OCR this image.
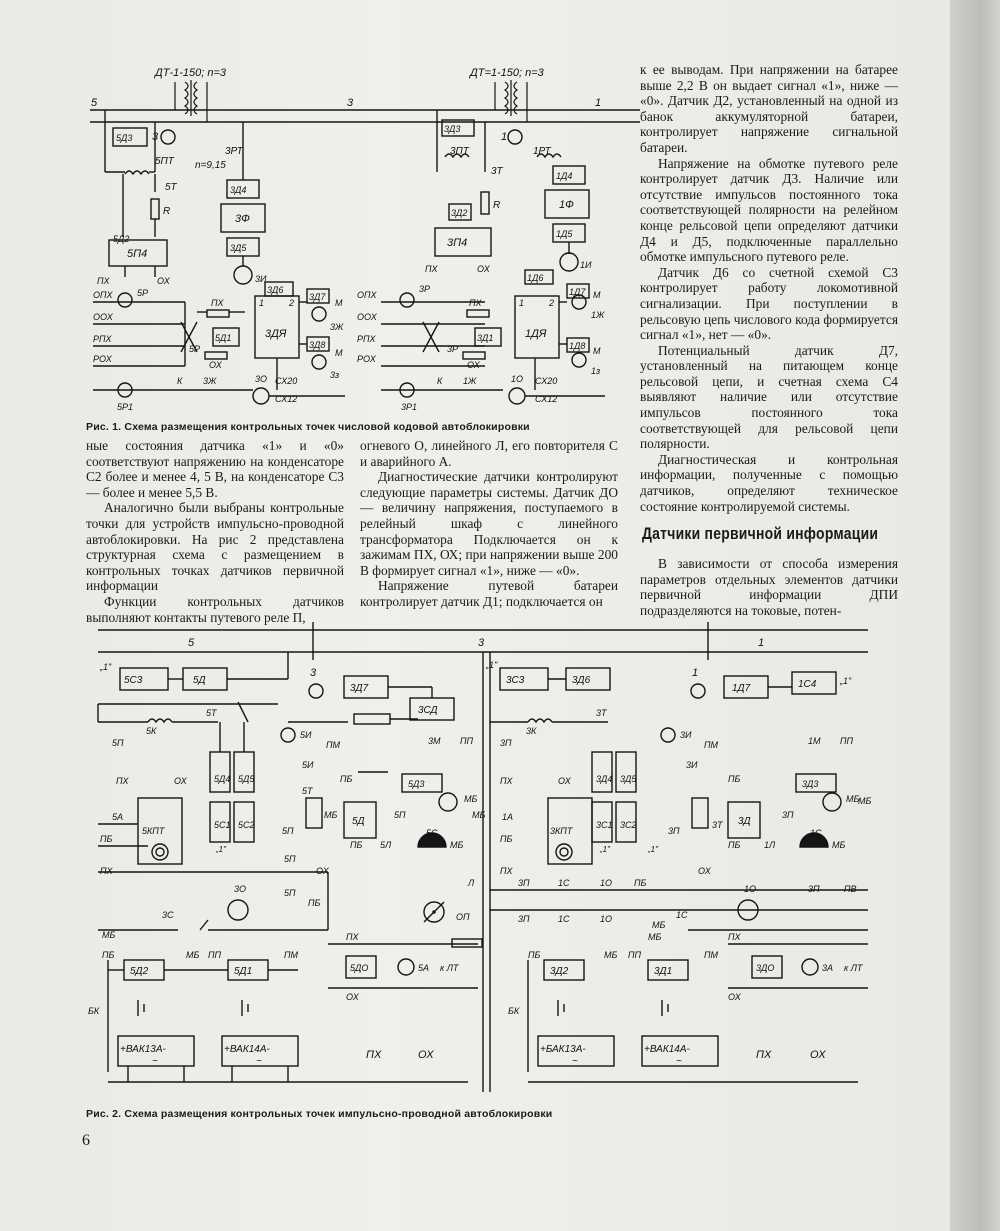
ДТ-1-150; n=3	ДТ=1-150; n=3
5	3	1
5Д3
3Д3
3	1
5ПТ
3РТ
n=9,15
3ПТ	1РТ
5Т
3Т
R
R
3Д4
1Д4
3Ф
1Ф
5Д2
3Д2
3Д5
1Д5
5П4
3П4
3И
1И
ПХ	ОХ
ПХ	ОХ
5Р	3Р
3Д6
1Д6
3Д7	1Д7
М
М
М
М
ОПХ
ООХ
РПХ
РОХ
ОПХ
ООХ
РПХ
РОХ
5Д1	3Д1
3ДЯ	1ДЯ
3Ж
1Ж
3Д8	1Д8
3з	1з
К	К
3Ж	1Ж
3О	1О
СХ20
СХ12
СХ20
СХ12
5Р1	3Р1
1	2	1	2
5Р	3Р
ПХ
ОХ
ПХ
ОХ
Рис. 1. Схема размещения контрольных точек числовой кодовой автоблокировки

ные состояния датчика «1» и «0» соответствуют напряжению на конденсаторе С2 более и менее 4, 5 В, на конденсаторе С3 — более и менее 5,5 В.

Аналогично были выбраны контрольные точки для устройств импульсно-проводной автоблокировки. На рис 2 представлена структурная схема с размещением в контрольных точках датчиков первичной информации

Функции контрольных датчиков выполняют контакты путевого реле П,

огневого О, линейного Л, его повторителя С и аварийного А.

Диагностические датчики контролируют следующие параметры системы. Датчик ДО — величину напряжения, поступаемого в релейный шкаф с линейного трансформатора Подключается он к зажимам ПХ, ОХ; при напряжении выше 200 В формирует сигнал «1», ниже — «0».

Напряжение путевой батареи контролирует датчик Д1; подключается он

к ее выводам. При напряжении на батарее выше 2,2 В он выдает сигнал «1», ниже — «0». Датчик Д2, установленный на одной из банок аккумуляторной батареи, контролирует напряжение сигнальной батареи.

Напряжение на обмотке путевого реле контролирует датчик Д3. Наличие или отсутствие импульсов постоянного тока соответствующей полярности на релейном конце рельсовой цепи определяют датчики Д4 и Д5, подключенные параллельно обмотке импульсного путевого реле.

Датчик Д6 со счетной схемой С3 контролирует работу локомотивной сигнализации. При поступлении в рельсовую цепь числового кода формируется сигнал «1», нет — «0».

Потенциальный датчик Д7, установленный на питающем конце рельсовой цепи, и счетная схема С4 выявляют наличие или отсутствие импульсов постоянного тока соответствующей для рельсовой цепи полярности.

Диагностическая и контрольная информации, полученные с помощью датчиков, определяют техническое состояние контролируемой системы.

Датчики первичной информации

В зависимости от способа измерения параметров отдельных элементов датчики первичной информации ДПИ подразделяются на токовые, потен-

5	3	1
5С3	5Д	3С3	3Д6
„1"	„1"
„1"
„1"	„1"	„1"
3
3Д7
1
1Д7	1С4
3СД
5Т	3Т
5К	3К
5П	3П
5И	3И
ПМ	ПМ
3М	1М
ПП	ПП
5Д4 5Д5	3Д4 3Д5
ПХ	ОХ	ПХ	ОХ
5И
ПБ
3И
ПБ
5Д3	3Д3
5Т
МБ	МБ
5А	1А
5КПТ	3КПТ
5С1 5С2	3С1 3С2
5П	3П
МБ
3Т
5Д	3Д
5П	3П
МБ
МБ
ПБ
ПБ
ПБ
ПБ
5Л	1Л
5С	1С
МБ	МБ
ПХ	ПХ
ОХ	ОХ
5П
Л	3П	1С	1О ПБ
3О	1О
5П
ПБ
3П	ПВ
3С
МБ
ОП	3П	1С	1О
МБ
1С
МБ
ПХ
ОХ
5ДО	5А к ЛТ
ПХ
ОХ
3ДО	3А к ЛТ
ПБ	МБ ПП	ПМ	ПБ	МБ ПП	ПМ
5Д2	5Д1	3Д2	3Д1
БК	БК
+ВАК13А-	+ВАК14А-	+БАК13А-	+ВАК14А-
~	~	~	~
ПХ	ОХ	ПХ	ОХ
Рис. 2. Схема размещения контрольных точек импульсно-проводной автоблокировки
6
